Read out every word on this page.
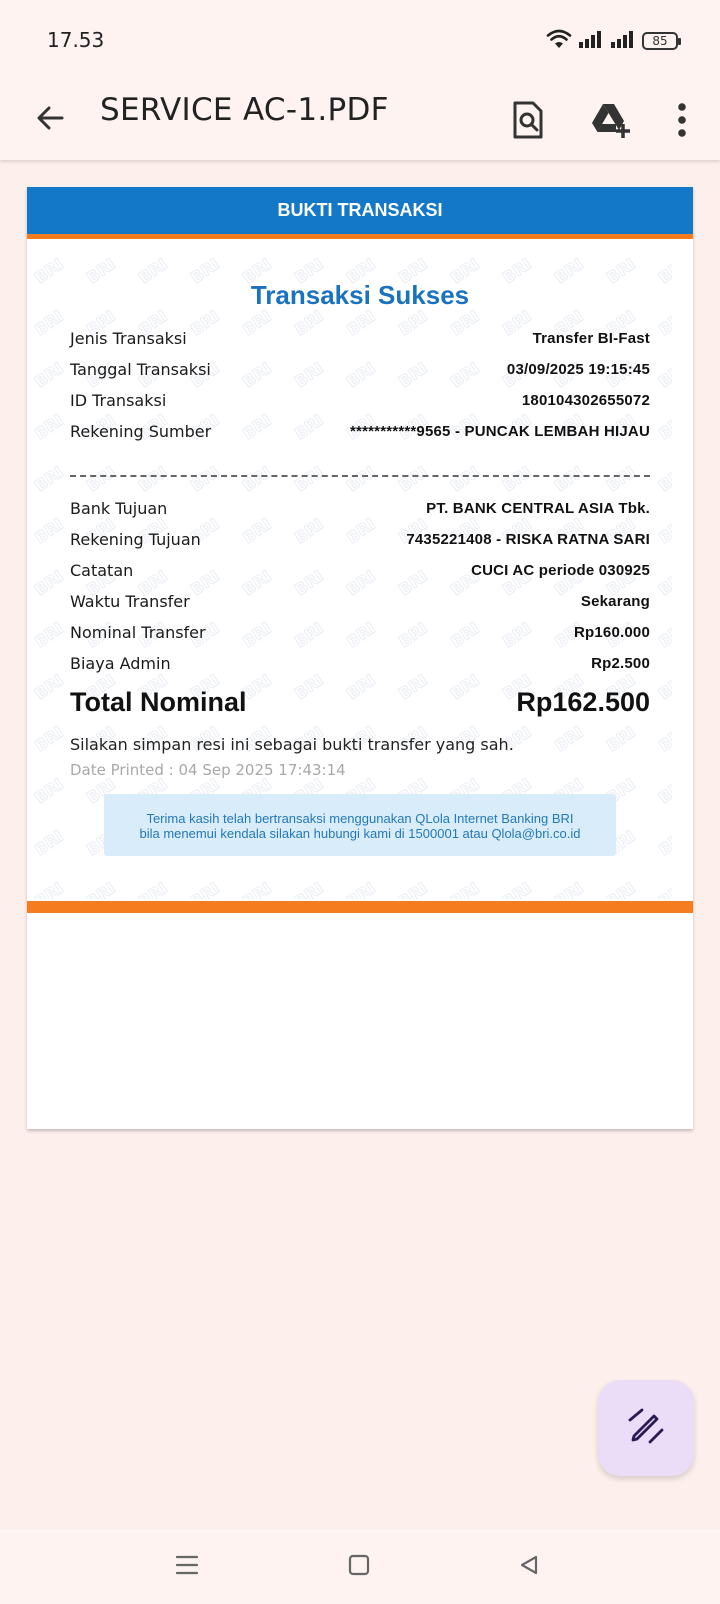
17.53	85
SERVICE AC-1.PDF
BUKTI TRANSAKSI
Transaksi Sukses
Jenis Transaksi	Transfer BI-Fast
Tanggal Transaksi	03/09/2025 19:15:45
ID Transaksi	180104302655072
Rekening Sumber	***********9565 - PUNCAK LEMBAH HIJAU
Bank Tujuan	PT. BANK CENTRAL ASIA Tbk.
Rekening Tujuan	7435221408 - RISKA RATNA SARI
Catatan	CUCI AC periode 030925
Waktu Transfer	Sekarang
Nominal Transfer	Rp160.000
Biaya Admin	Rp2.500
Total Nominal	Rp162.500
Silakan simpan resi ini sebagai bukti transfer yang sah.
Date Printed : 04 Sep 2025 17:43:14
Terima kasih telah bertransaksi menggunakan QLola Internet Banking BRI
bila menemui kendala silakan hubungi kami di 1500001 atau Qlola@bri.co.id
